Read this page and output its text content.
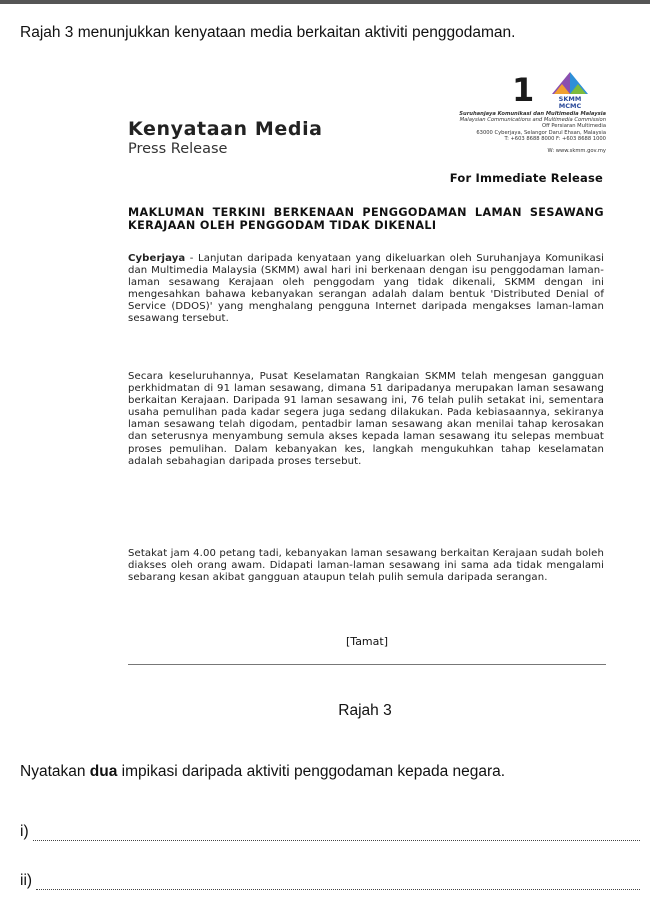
Rajah 3 menunjukkan kenyataan media berkaitan aktiviti penggodaman.
1	SKMM
MCMC
Suruhanjaya Komunikasi dan Multimedia Malaysia
Malaysian Communications and Multimedia Commission
Off Persiaran Multimedia
63000 Cyberjaya, Selangor Darul Ehsan, Malaysia
T: +603 8688 8000 F: +603 8688 1000
W: www.skmm.gov.my
Kenyataan Media
Press Release
For Immediate Release
MAKLUMAN TERKINI BERKENAAN PENGGODAMAN LAMAN SESAWANG KERAJAAN OLEH PENGGODAM TIDAK DIKENALI
Cyberjaya - Lanjutan daripada kenyataan yang dikeluarkan oleh Suruhanjaya Komunikasi dan Multimedia Malaysia (SKMM) awal hari ini berkenaan dengan isu penggodaman laman-laman sesawang Kerajaan oleh penggodam yang tidak dikenali, SKMM dengan ini mengesahkan bahawa kebanyakan serangan adalah dalam bentuk 'Distributed Denial of Service (DDOS)' yang menghalang pengguna Internet daripada mengakses laman-laman sesawang tersebut.
Secara keseluruhannya, Pusat Keselamatan Rangkaian SKMM telah mengesan gangguan perkhidmatan di 91 laman sesawang, dimana 51 daripadanya merupakan laman sesawang berkaitan Kerajaan. Daripada 91 laman sesawang ini, 76 telah pulih setakat ini, sementara usaha pemulihan pada kadar segera juga sedang dilakukan. Pada kebiasaannya, sekiranya laman sesawang telah digodam, pentadbir laman sesawang akan menilai tahap kerosakan dan seterusnya menyambung semula akses kepada laman sesawang itu selepas membuat proses pemulihan. Dalam kebanyakan kes, langkah mengukuhkan tahap keselamatan adalah sebahagian daripada proses tersebut.
Setakat jam 4.00 petang tadi, kebanyakan laman sesawang berkaitan Kerajaan sudah boleh diakses oleh orang awam. Didapati laman-laman sesawang ini sama ada tidak mengalami sebarang kesan akibat gangguan ataupun telah pulih semula daripada serangan.
[Tamat]
Rajah 3
Nyatakan dua impikasi daripada aktiviti penggodaman kepada negara.
i)
ii)
